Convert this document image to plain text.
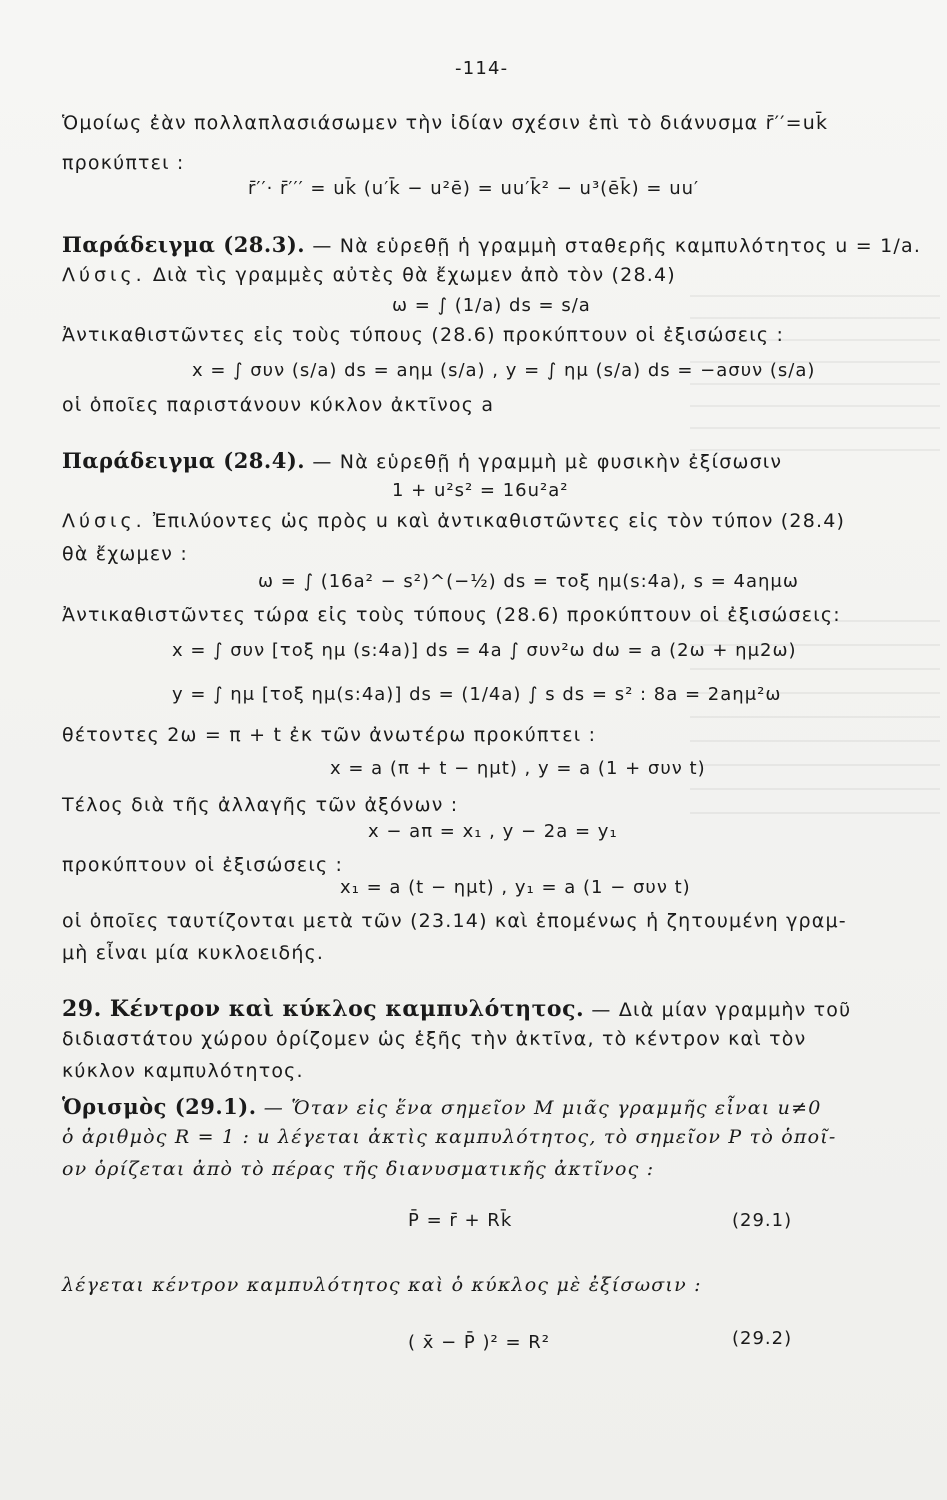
-114-
Ὁμοίως ἐὰν πολλαπλασιάσωμεν τὴν ἰδίαν σχέσιν ἐπὶ τὸ διάνυσμα r̄′′=uk̄
προκύπτει :
r̄′′· r̄′′′ = uk̄ (u′k̄ − u²ē) = uu′k̄² − u³(ēk̄) = uu′
Παράδειγμα (28.3). — Νὰ εὑρεθῇ ἡ γραμμὴ σταθερῆς καμπυλότητος u = 1/a.
Λύσις. Διὰ τὶς γραμμὲς αὐτὲς θὰ ἔχωμεν ἀπὸ τὸν (28.4)
ω = ∫ (1/a) ds = s/a
Ἀντικαθιστῶντες εἰς τοὺς τύπους (28.6) προκύπτουν οἱ ἐξισώσεις :
x = ∫ συν (s/a) ds = aημ (s/a) , y = ∫ ημ (s/a) ds = −aσυν (s/a)
οἱ ὁποῖες παριστάνουν κύκλον ἀκτῖνος a
Παράδειγμα (28.4). — Νὰ εὑρεθῇ ἡ γραμμὴ μὲ φυσικὴν ἐξίσωσιν
1 + u²s² = 16u²a²
Λύσις. Ἐπιλύοντες ὡς πρὸς u καὶ ἀντικαθιστῶντες εἰς τὸν τύπον (28.4)
θὰ ἔχωμεν :
ω = ∫ (16a² − s²)^(−½) ds = τοξ ημ(s:4a), s = 4aημω
Ἀντικαθιστῶντες τώρα εἰς τοὺς τύπους (28.6) προκύπτουν οἱ ἐξισώσεις:
x = ∫ συν [τοξ ημ (s:4a)] ds = 4a ∫ συν²ω dω = a (2ω + ημ2ω)
y = ∫ ημ [τοξ ημ(s:4a)] ds = (1/4a) ∫ s ds = s² : 8a = 2aημ²ω
θέτοντες 2ω = π + t ἐκ τῶν ἀνωτέρω προκύπτει :
x = a (π + t − ημt) , y = a (1 + συν t)
Τέλος διὰ τῆς ἀλλαγῆς τῶν ἀξόνων :
x − aπ = x₁ , y − 2a = y₁
προκύπτουν οἱ ἐξισώσεις :
x₁ = a (t − ημt) , y₁ = a (1 − συν t)
οἱ ὁποῖες ταυτίζονται μετὰ τῶν (23.14) καὶ ἐπομένως ἡ ζητουμένη γραμ-
μὴ εἶναι μία κυκλοειδής.
29. Κέντρον καὶ κύκλος καμπυλότητος. — Διὰ μίαν γραμμὴν τοῦ
διδιαστάτου χώρου ὁρίζομεν ὡς ἑξῆς τὴν ἀκτῖνα, τὸ κέντρον καὶ τὸν
κύκλον καμπυλότητος.
Ὁρισμὸς (29.1). — Ὅταν εἰς ἕνα σημεῖον M μιᾶς γραμμῆς εἶναι u≠0
ὁ ἀριθμὸς R = 1 : u λέγεται ἀκτὶς καμπυλότητος, τὸ σημεῖον P τὸ ὁποῖ-
ον ὁρίζεται ἀπὸ τὸ πέρας τῆς διανυσματικῆς ἀκτῖνος :
P̄ = r̄ + Rk̄	(29.1)
λέγεται κέντρον καμπυλότητος καὶ ὁ κύκλος μὲ ἐξίσωσιν :
( x̄ − P̄ )² = R²	(29.2)
